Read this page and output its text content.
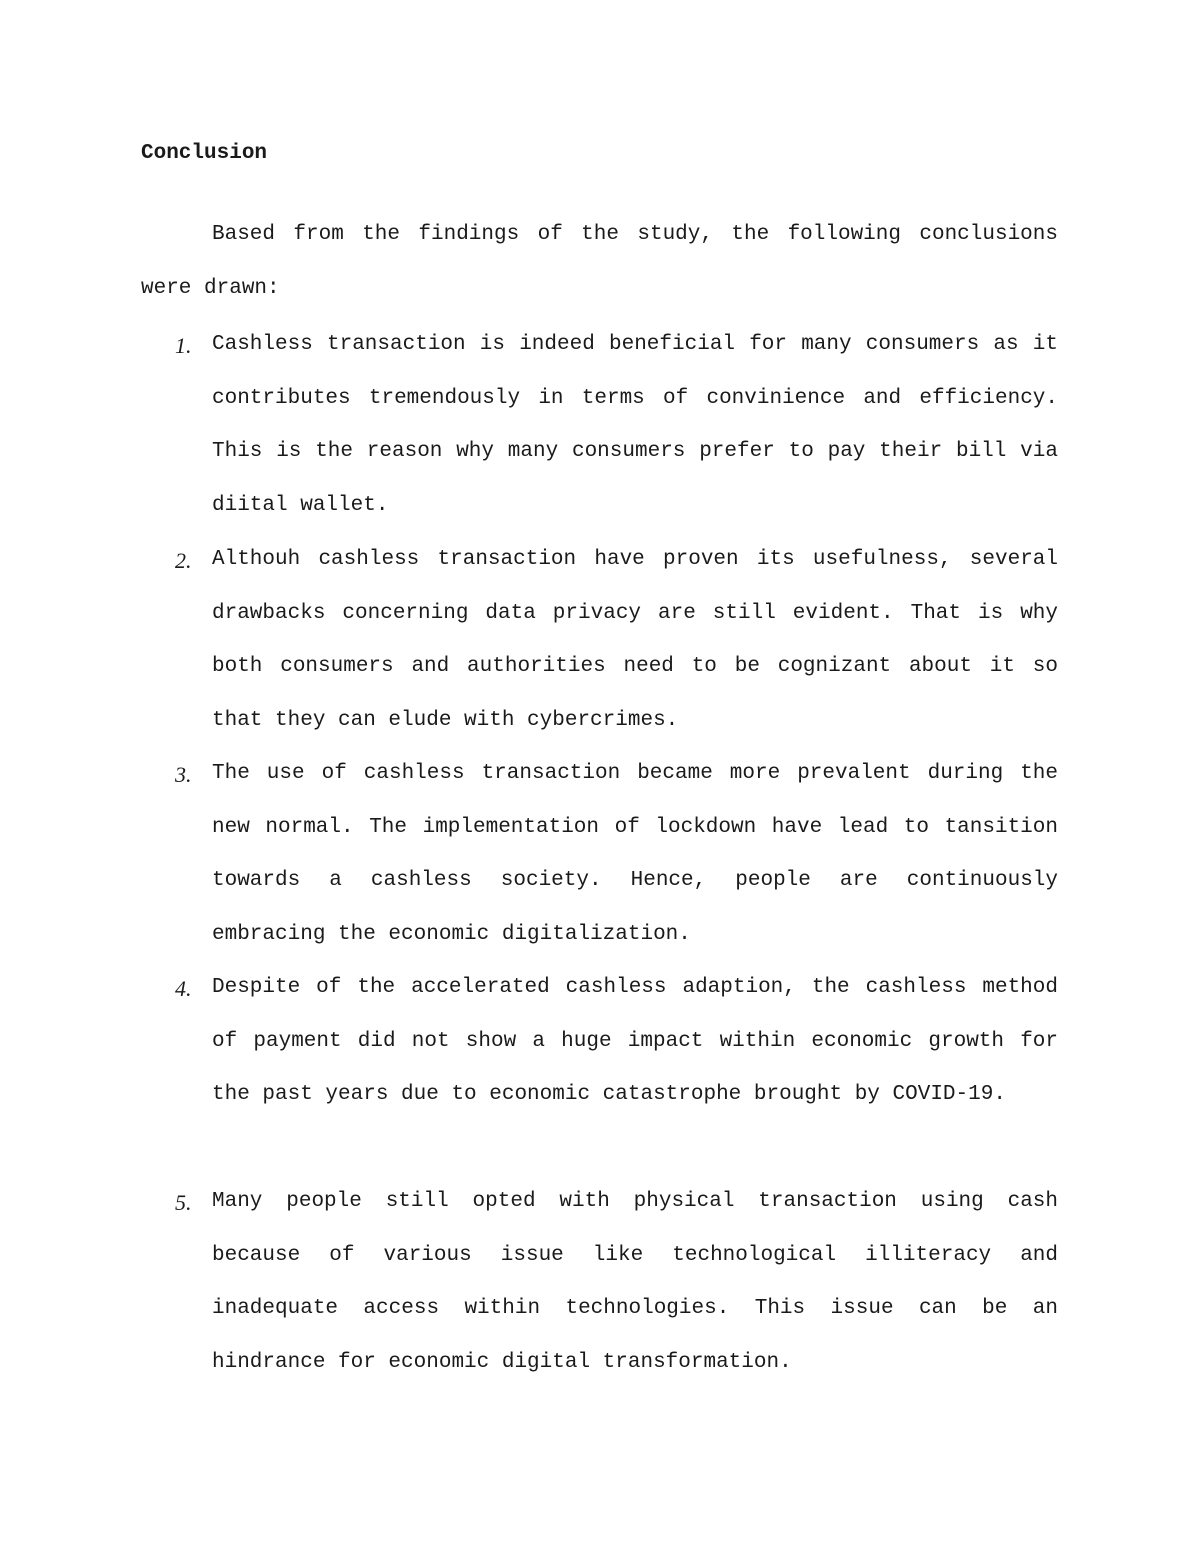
Conclusion

Based from the findings of the study, the following conclusions were drawn:

1. Cashless transaction is indeed beneficial for many consumers as it contributes tremendously in terms of convinience and efficiency. This is the reason why many consumers prefer to pay their bill via diital wallet.

2. Althouh cashless transaction have proven its usefulness, several drawbacks concerning data privacy are still evident. That is why both consumers and authorities need to be cognizant about it so that they can elude with cybercrimes.

3. The use of cashless transaction became more prevalent during the new normal. The implementation of lockdown have lead to tansition towards a cashless society. Hence, people are continuously embracing the economic digitalization.

4. Despite of the accelerated cashless adaption, the cashless method of payment did not show a huge impact within economic growth for the past years due to economic catastrophe brought by COVID-19.

5. Many people still opted with physical transaction using cash because of various issue like technological illiteracy and inadequate access within technologies. This issue can be an hindrance for economic digital transformation.
